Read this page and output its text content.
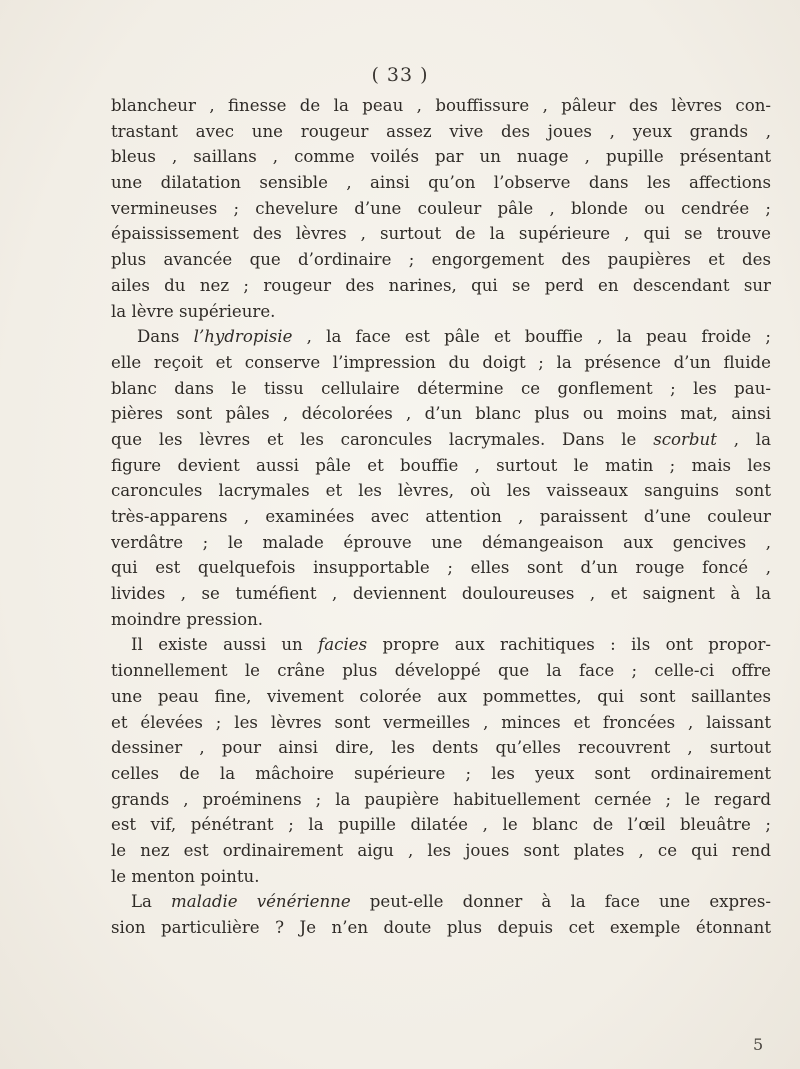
( 33 )
blancheur , finesse de la peau , bouffissure , pâleur des lèvres con-
trastant avec une rougeur assez vive des joues , yeux grands ,
bleus , saillans , comme voilés par un nuage , pupille présentant
une dilatation sensible , ainsi qu’on l’observe dans les affections
vermineuses ; chevelure d’une couleur pâle , blonde ou cendrée ;
épaississement des lèvres , surtout de la supérieure , qui se trouve
plus avancée que d’ordinaire ; engorgement des paupières et des
ailes du nez ; rougeur des narines, qui se perd en descendant sur
la lèvre supérieure.
Dans l’hydropisie , la face est pâle et bouffie , la peau froide ;
elle reçoit et conserve l’impression du doigt ; la présence d’un fluide
blanc dans le tissu cellulaire détermine ce gonflement ; les pau-
pières sont pâles , décolorées , d’un blanc plus ou moins mat, ainsi
que les lèvres et les caroncules lacrymales. Dans le scorbut , la
figure devient aussi pâle et bouffie , surtout le matin ; mais les
caroncules lacrymales et les lèvres, où les vaisseaux sanguins sont
très-apparens , examinées avec attention , paraissent d’une couleur
verdâtre ; le malade éprouve une démangeaison aux gencives ,
qui est quelquefois insupportable ; elles sont d’un rouge foncé ,
livides , se tuméfient , deviennent douloureuses , et saignent à la
moindre pression.
Il existe aussi un facies propre aux rachitiques : ils ont propor-
tionnellement le crâne plus développé que la face ; celle-ci offre
une peau fine, vivement colorée aux pommettes, qui sont saillantes
et élevées ; les lèvres sont vermeilles , minces et froncées , laissant
dessiner , pour ainsi dire, les dents qu’elles recouvrent , surtout
celles de la mâchoire supérieure ; les yeux sont ordinairement
grands , proéminens ; la paupière habituellement cernée ; le regard
est vif, pénétrant ; la pupille dilatée , le blanc de l’œil bleuâtre ;
le nez est ordinairement aigu , les joues sont plates , ce qui rend
le menton pointu.
La maladie vénérienne peut-elle donner à la face une expres-
sion particulière ? Je n’en doute plus depuis cet exemple étonnant
5
